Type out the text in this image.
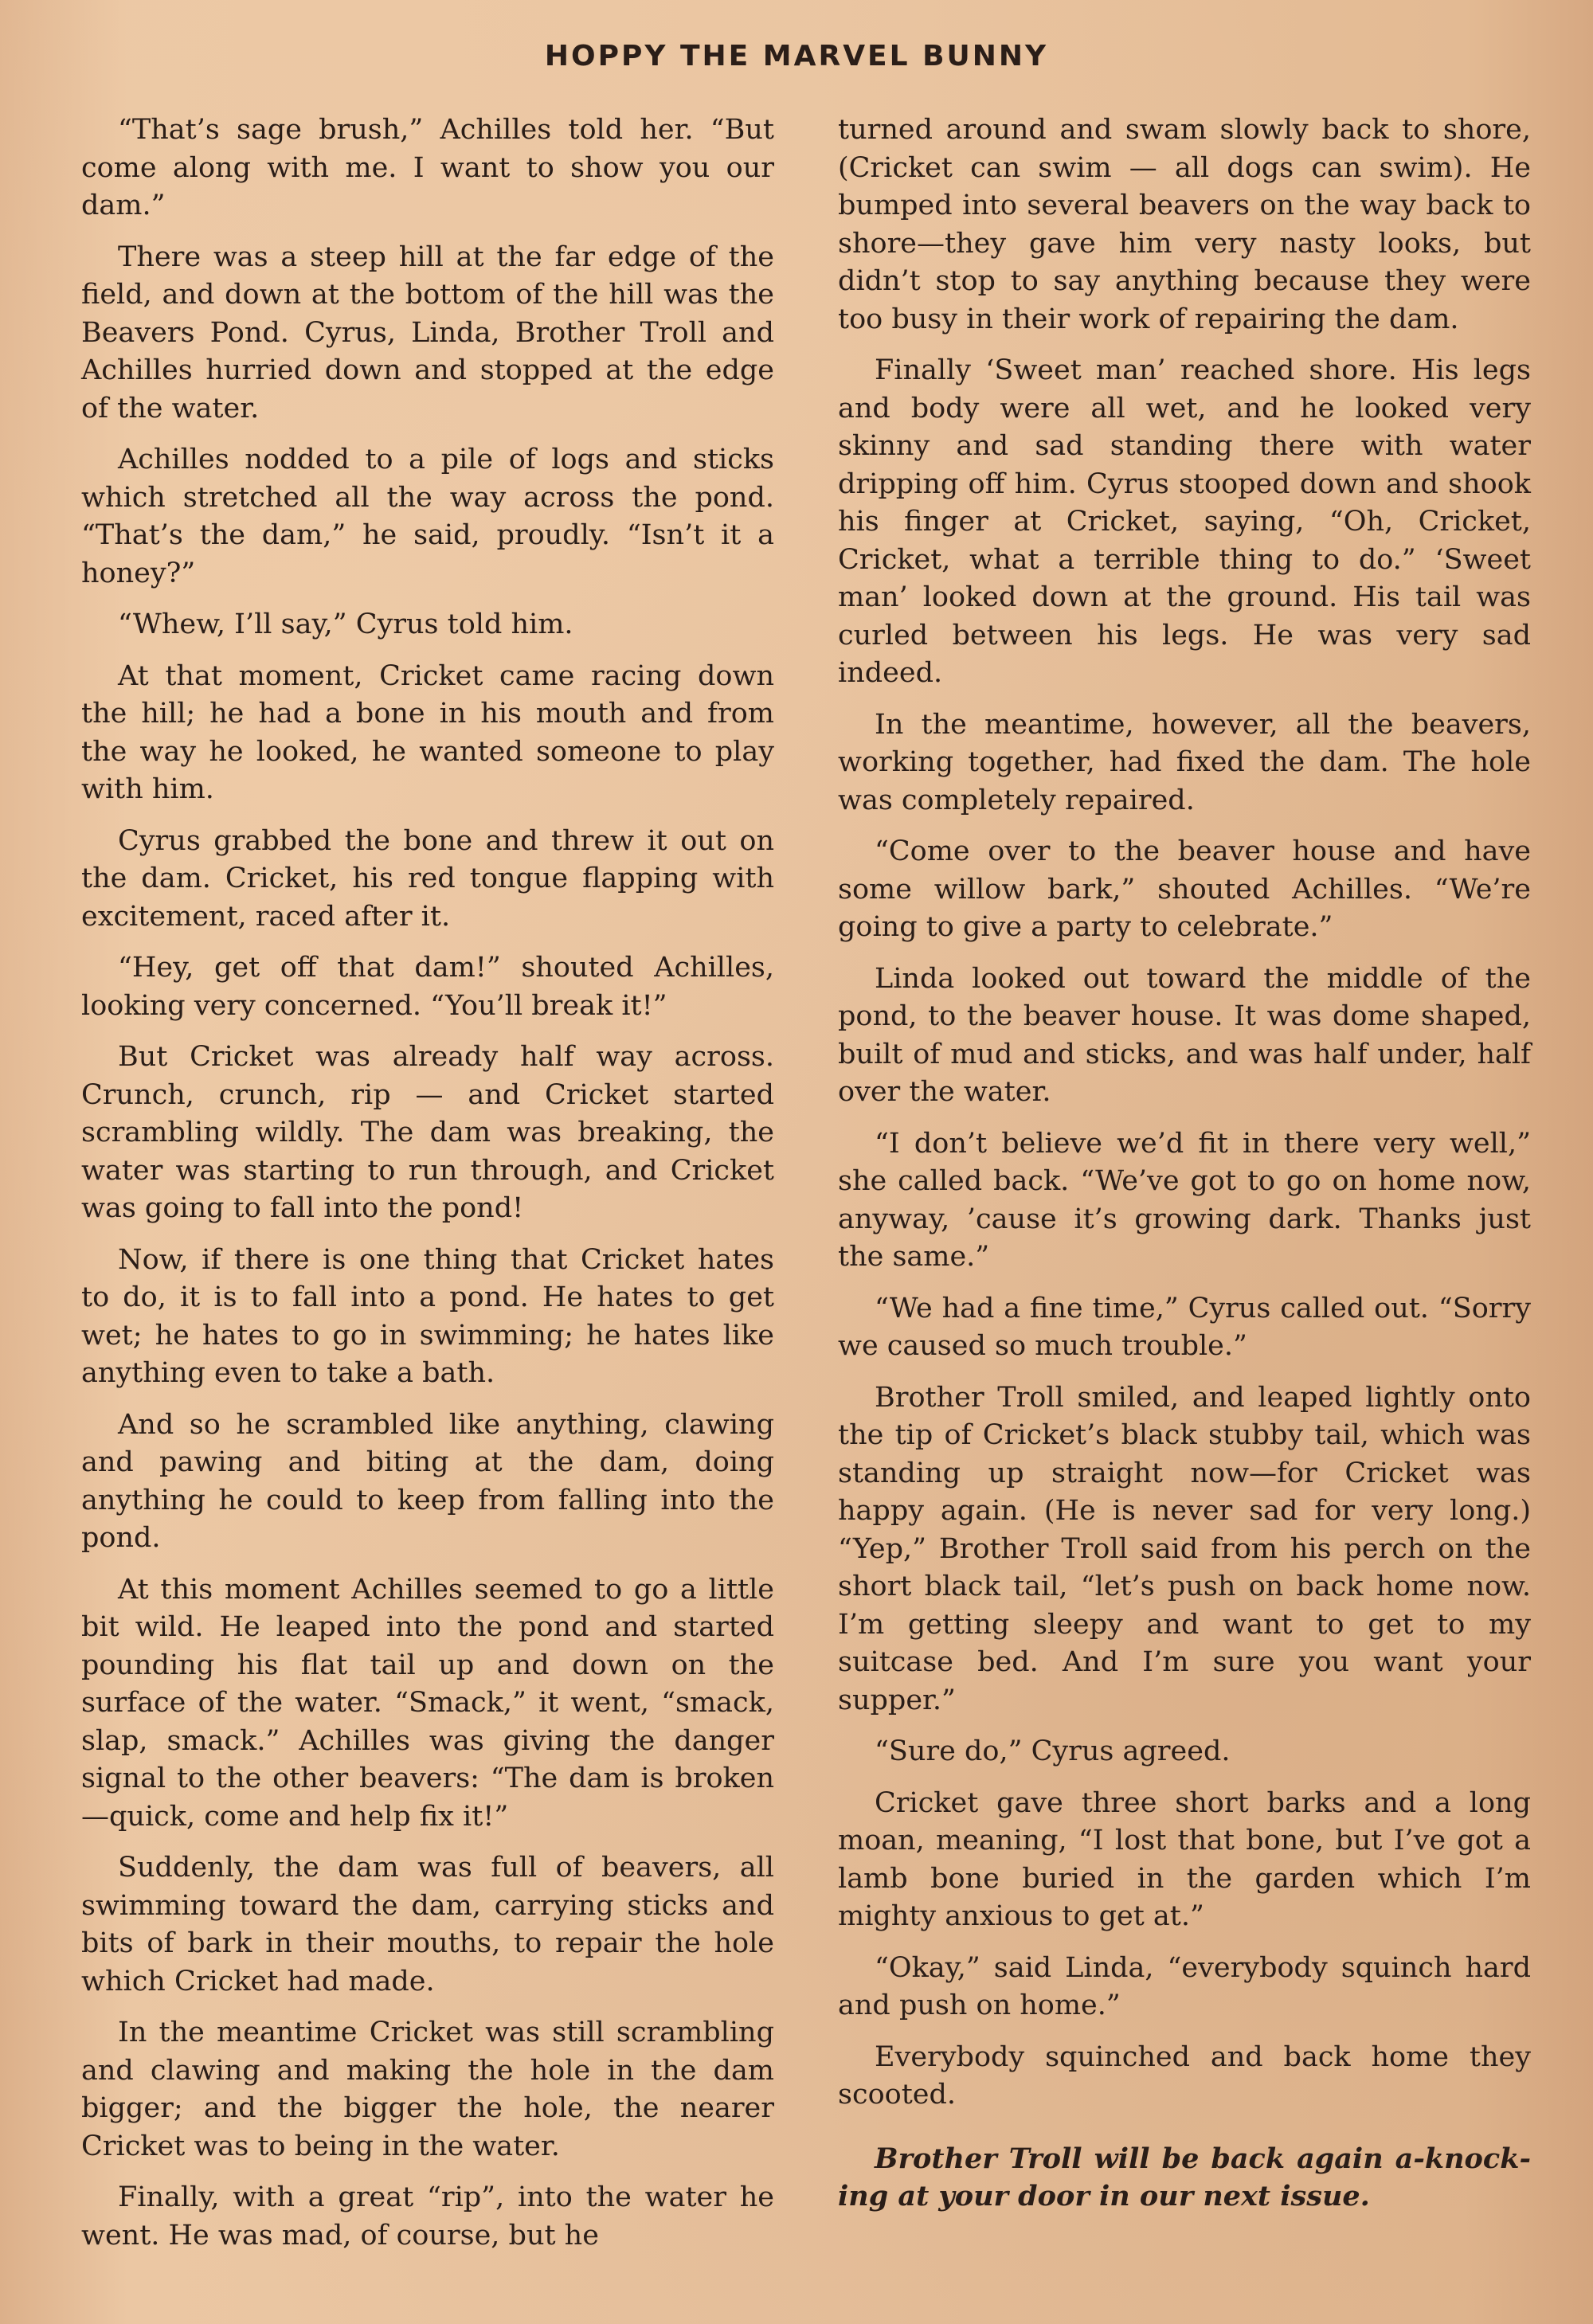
HOPPY THE MARVEL BUNNY

“That’s sage brush,” Achilles told her. “But come along with me. I want to show you our dam.”

There was a steep hill at the far edge of the field, and down at the bottom of the hill was the Beavers Pond. Cyrus, Linda, Brother Troll and Achilles hurried down and stopped at the edge of the water.

Achilles nodded to a pile of logs and sticks which stretched all the way across the pond. “That’s the dam,” he said, proudly. “Isn’t it a honey?”

“Whew, I’ll say,” Cyrus told him.

At that moment, Cricket came racing down the hill; he had a bone in his mouth and from the way he looked, he wanted someone to play with him.

Cyrus grabbed the bone and threw it out on the dam. Cricket, his red tongue flapping with excitement, raced after it.

“Hey, get off that dam!” shouted Achilles, looking very concerned. “You’ll break it!”

But Cricket was already half way across. Crunch, crunch, rip — and Cricket started scrambling wildly. The dam was breaking, the water was starting to run through, and Cricket was going to fall into the pond!

Now, if there is one thing that Cricket hates to do, it is to fall into a pond. He hates to get wet; he hates to go in swimming; he hates like anything even to take a bath.

And so he scrambled like anything, clawing and pawing and biting at the dam, doing anything he could to keep from falling into the pond.

At this moment Achilles seemed to go a little bit wild. He leaped into the pond and started pounding his flat tail up and down on the surface of the water. “Smack,” it went, “smack, slap, smack.” Achilles was giving the danger signal to the other beavers: “The dam is broken—quick, come and help fix it!”

Suddenly, the dam was full of beavers, all swimming toward the dam, carrying sticks and bits of bark in their mouths, to repair the hole which Cricket had made.

In the meantime Cricket was still scrambling and clawing and making the hole in the dam bigger; and the bigger the hole, the nearer Cricket was to being in the water.

Finally, with a great “rip”, into the water he went. He was mad, of course, but he

turned around and swam slowly back to shore, (Cricket can swim — all dogs can swim). He bumped into several beavers on the way back to shore—they gave him very nasty looks, but didn’t stop to say anything because they were too busy in their work of repairing the dam.

Finally ‘Sweet man’ reached shore. His legs and body were all wet, and he looked very skinny and sad standing there with water dripping off him. Cyrus stooped down and shook his finger at Cricket, saying, “Oh, Cricket, Cricket, what a terrible thing to do.” ‘Sweet man’ looked down at the ground. His tail was curled between his legs. He was very sad indeed.

In the meantime, however, all the beavers, working together, had fixed the dam. The hole was completely repaired.

“Come over to the beaver house and have some willow bark,” shouted Achilles. “We’re going to give a party to celebrate.”

Linda looked out toward the middle of the pond, to the beaver house. It was dome shaped, built of mud and sticks, and was half under, half over the water.

“I don’t believe we’d fit in there very well,” she called back. “We’ve got to go on home now, anyway, ’cause it’s growing dark. Thanks just the same.”

“We had a fine time,” Cyrus called out. “Sorry we caused so much trouble.”

Brother Troll smiled, and leaped lightly onto the tip of Cricket’s black stubby tail, which was standing up straight now—for Cricket was happy again. (He is never sad for very long.) “Yep,” Brother Troll said from his perch on the short black tail, “let’s push on back home now. I’m getting sleepy and want to get to my suitcase bed. And I’m sure you want your supper.”

“Sure do,” Cyrus agreed.

Cricket gave three short barks and a long moan, meaning, “I lost that bone, but I’ve got a lamb bone buried in the garden which I’m mighty anxious to get at.”

“Okay,” said Linda, “everybody squinch hard and push on home.”

Everybody squinched and back home they scooted.

Brother Troll will be back again a-knocking at your door in our next issue.
